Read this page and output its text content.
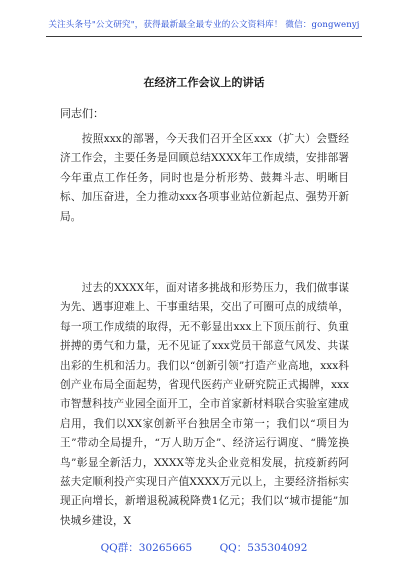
关注头条号"公文研究"，获得最新最全最专业的公文资料库！ 微信：gongwenyj
在经济工作会议上的讲话
同志们：

按照xxx的部署，今天我们召开全区xxx（扩大）会暨经济工作会，主要任务是回顾总结XXXX年工作成绩，安排部署今年重点工作任务，同时也是分析形势、鼓舞斗志、明晰目标、加压奋进，全力推动xxx各项事业站位新起点、强势开新局。

过去的XXXX年，面对诸多挑战和形势压力，我们做事谋为先、遇事迎难上、干事重结果，交出了可圈可点的成绩单，每一项工作成绩的取得，无不彰显出xxx上下顶压前行、负重拼搏的勇气和力量，无不见证了xxx党员干部意气风发、共谋出彩的生机和活力。我们以“创新引领”打造产业高地，xxx科创产业布局全面起势，省现代医药产业研究院正式揭牌，xxx市智慧科技产业园全面开工，全市首家新材料联合实验室建成启用，我们以XX家创新平台独居全市第一；我们以“项目为王”带动全局提升，“万人助万企”、经济运行调度、“腾笼换鸟”彰显全新活力，XXXX等龙头企业竞相发展，抗疫新药阿兹夫定顺利投产实现日产值XXXX万元以上，主要经济指标实现正向增长，新增退税减税降费1亿元；我们以“城市提能”加快城乡建设，X

QQ群：30265665	QQ：535304092
